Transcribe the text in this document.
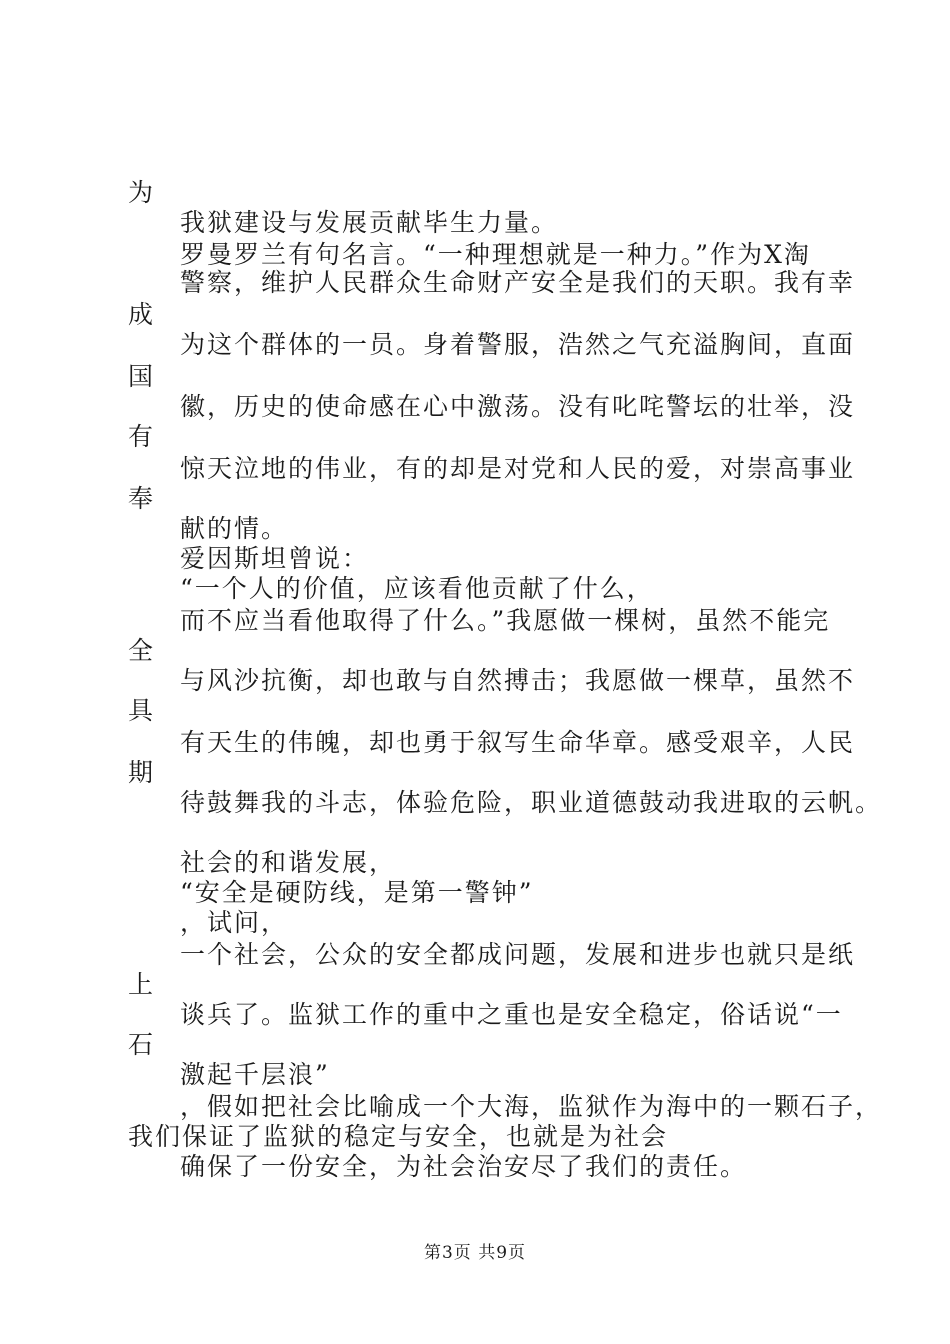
为
我狱建设与发展贡献毕生力量。
罗曼罗兰有句名言。“一种理想就是一种力。”作为X淘
警察，维护人民群众生命财产安全是我们的天职。我有幸
成
为这个群体的一员。身着警服，浩然之气充溢胸间，直面
国
徽，历史的使命感在心中激荡。没有叱咤警坛的壮举，没
有
惊天泣地的伟业，有的却是对党和人民的爱，对崇高事业
奉
献的情。
爱因斯坦曾说：
“一个人的价值，应该看他贡献了什么，
而不应当看他取得了什么。”我愿做一棵树，虽然不能完
全
与风沙抗衡，却也敢与自然搏击；我愿做一棵草，虽然不
具
有天生的伟魄，却也勇于叙写生命华章。感受艰辛，人民
期
待鼓舞我的斗志，体验危险，职业道德鼓动我进取的云帆。
社会的和谐发展，
“安全是硬防线，是第一警钟”
，试问，
一个社会，公众的安全都成问题，发展和进步也就只是纸
上
谈兵了。监狱工作的重中之重也是安全稳定，俗话说“一
石
激起千层浪”
，假如把社会比喻成一个大海，监狱作为海中的一颗石子，
我们保证了监狱的稳定与安全，也就是为社会
确保了一份安全，为社会治安尽了我们的责任。
第3页 共9页
